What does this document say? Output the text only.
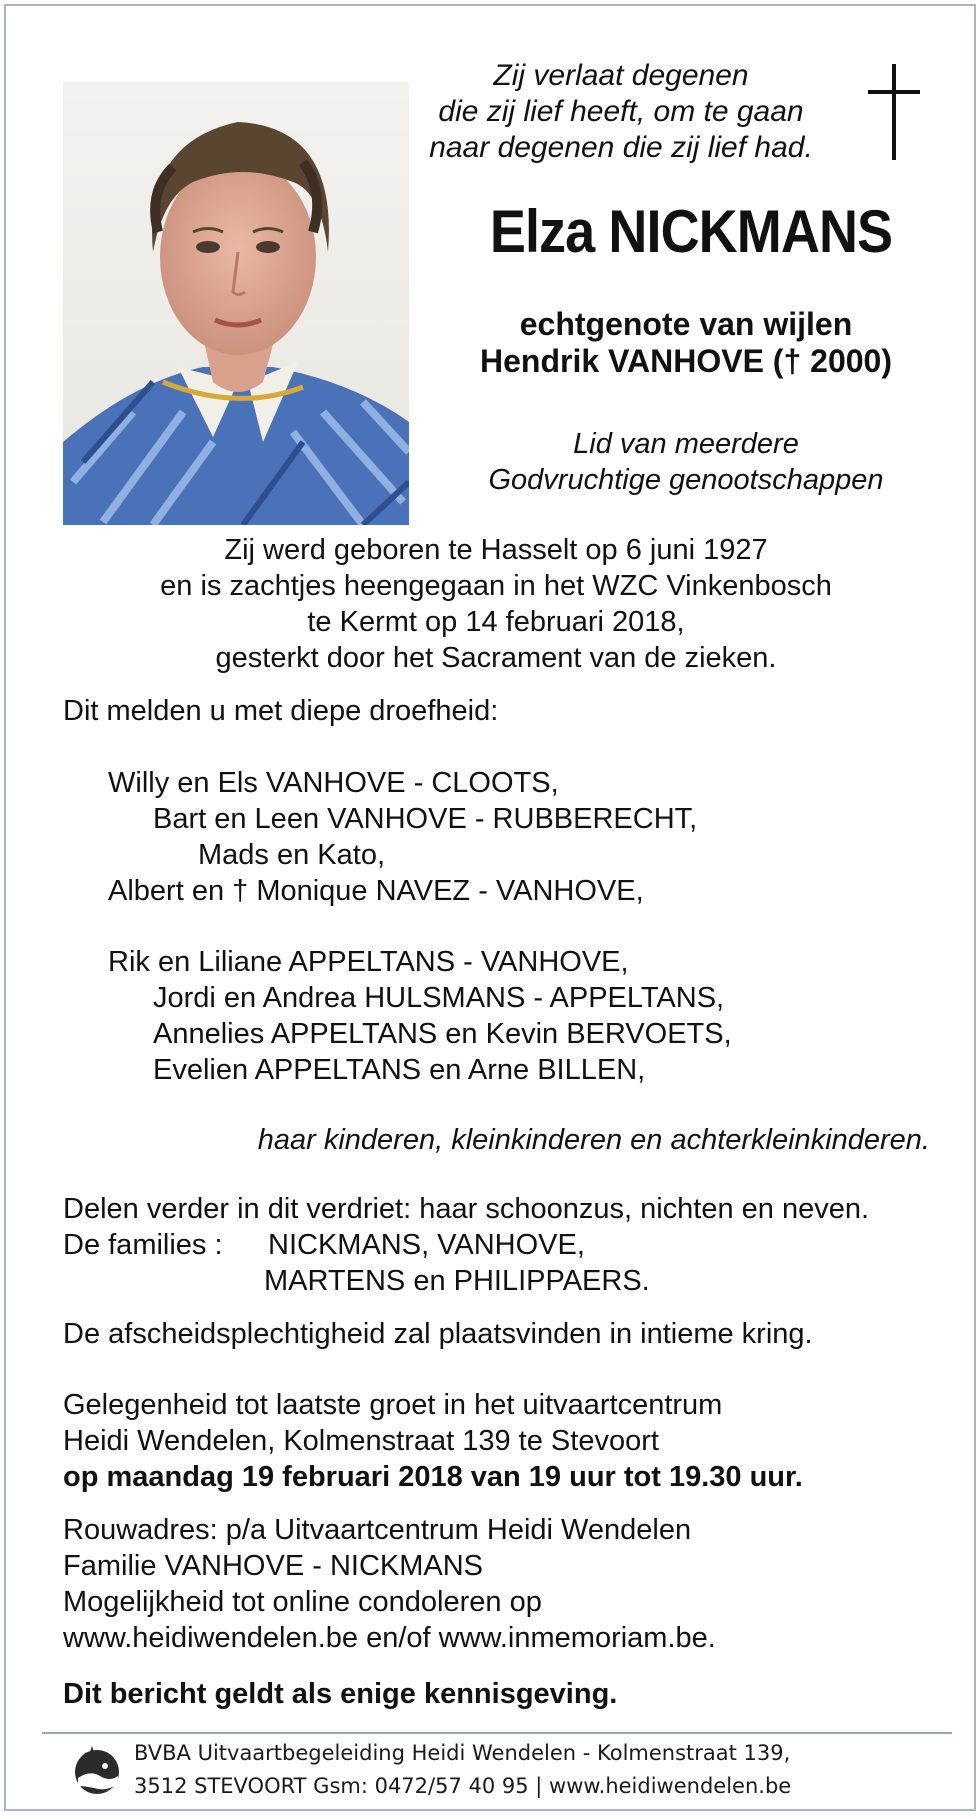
Zij verlaat degenen
die zij lief heeft, om te gaan
naar degenen die zij lief had.
Elza NICKMANS
echtgenote van wijlen
Hendrik VANHOVE († 2000)
Lid van meerdere
Godvruchtige genootschappen
Zij werd geboren te Hasselt op 6 juni 1927
en is zachtjes heengegaan in het WZC Vinkenbosch
te Kermt op 14 februari 2018,
gesterkt door het Sacrament van de zieken.
Dit melden u met diepe droefheid:
Willy en Els VANHOVE - CLOOTS,
Bart en Leen VANHOVE - RUBBERECHT,
Mads en Kato,
Albert en † Monique NAVEZ - VANHOVE,
Rik en Liliane APPELTANS - VANHOVE,
Jordi en Andrea HULSMANS - APPELTANS,
Annelies APPELTANS en Kevin BERVOETS,
Evelien APPELTANS en Arne BILLEN,
haar kinderen, kleinkinderen en achterkleinkinderen.
Delen verder in dit verdriet: haar schoonzus, nichten en neven.
De families : NICKMANS, VANHOVE,
MARTENS en PHILIPPAERS.
De afscheidsplechtigheid zal plaatsvinden in intieme kring.
Gelegenheid tot laatste groet in het uitvaartcentrum
Heidi Wendelen, Kolmenstraat 139 te Stevoort
op maandag 19 februari 2018 van 19 uur tot 19.30 uur.
Rouwadres: p/a Uitvaartcentrum Heidi Wendelen
Familie VANHOVE - NICKMANS
Mogelijkheid tot online condoleren op
www.heidiwendelen.be en/of www.inmemoriam.be.
Dit bericht geldt als enige kennisgeving.
BVBA Uitvaartbegeleiding Heidi Wendelen - Kolmenstraat 139,
3512 STEVOORT Gsm: 0472/57 40 95 | www.heidiwendelen.be
